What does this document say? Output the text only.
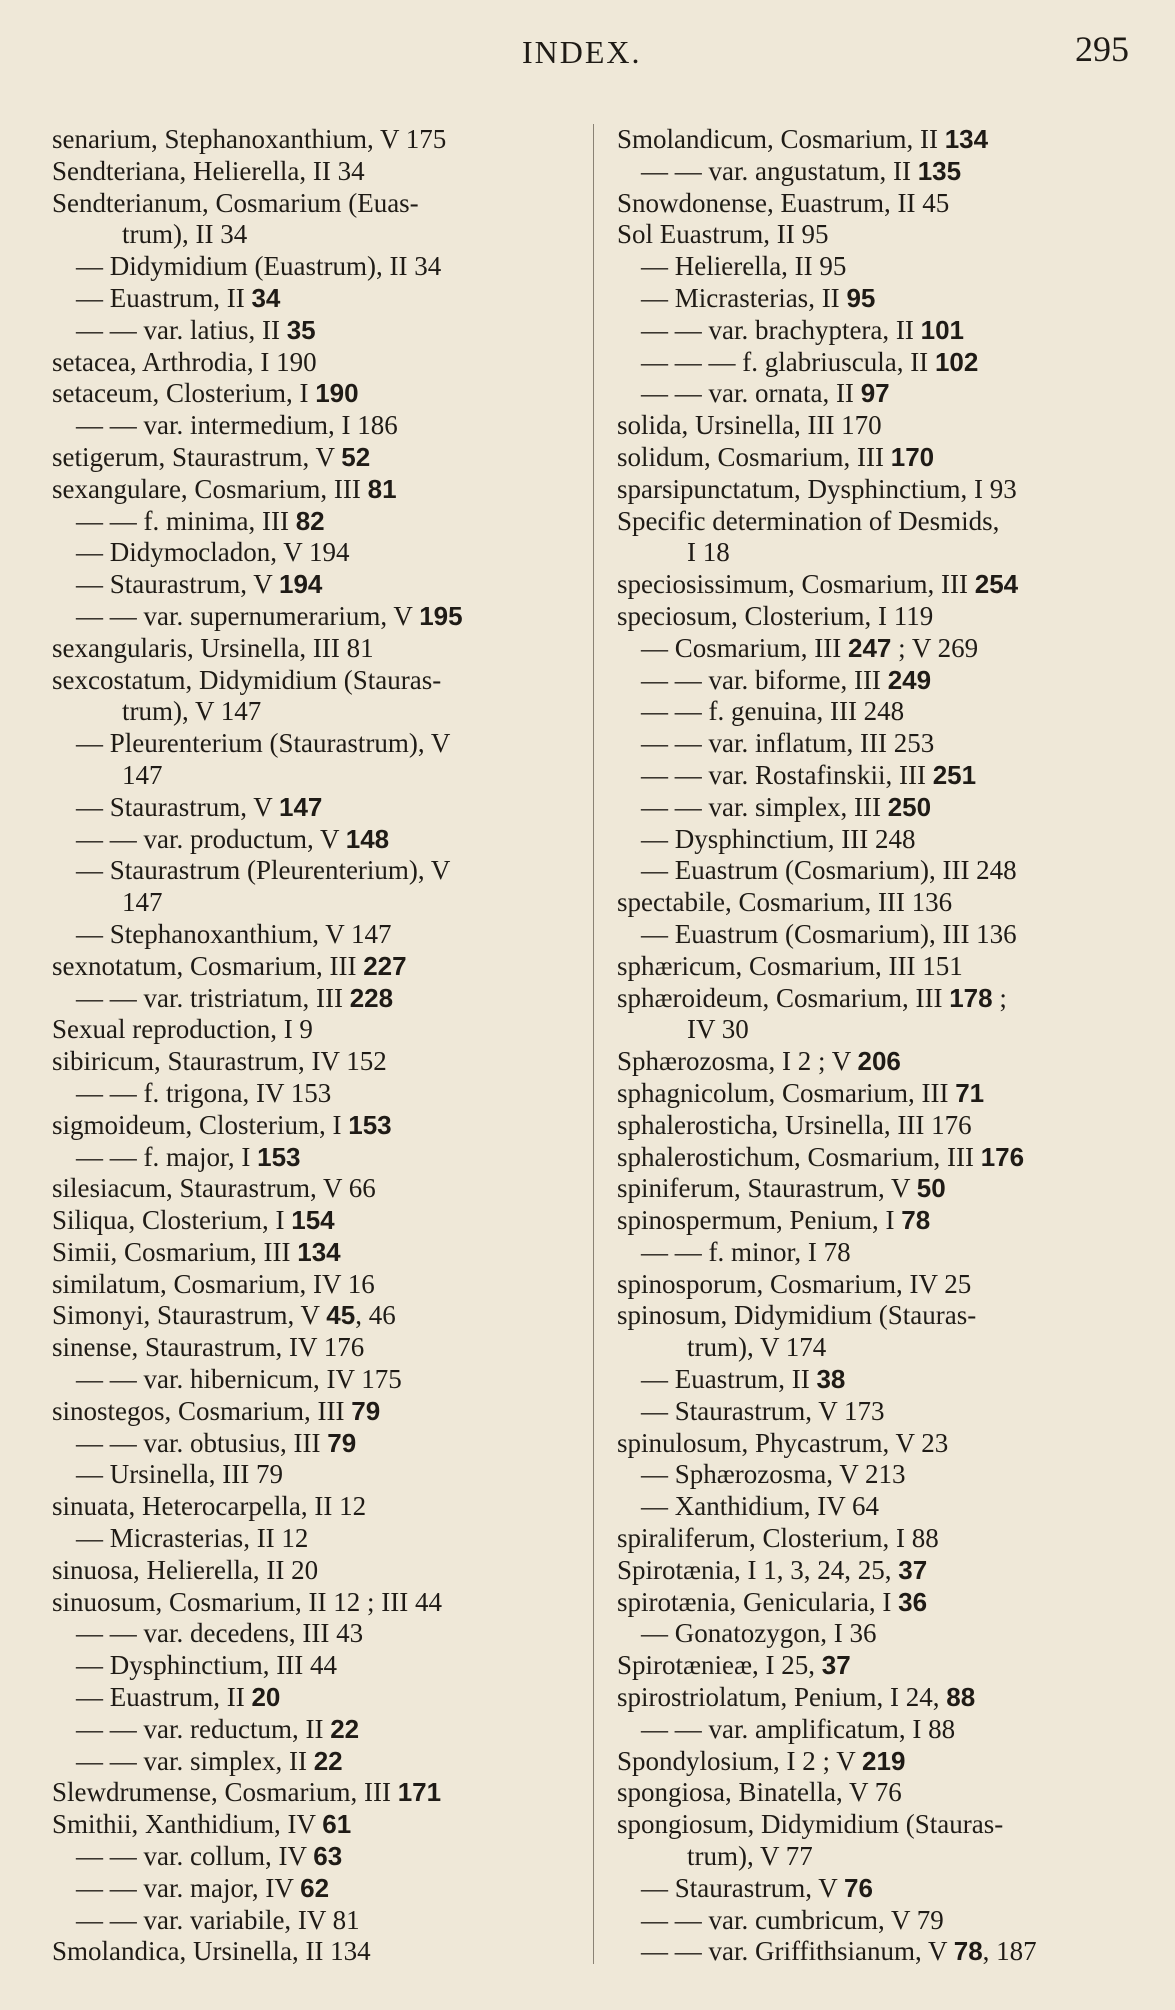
INDEX.	295
senarium, Stephanoxanthium, V 175
Sendteriana, Helierella, II 34
Sendterianum, Cosmarium (Euas-
trum), II 34
— Didymidium (Euastrum), II 34
— Euastrum, II 34
— — var. latius, II 35
setacea, Arthrodia, I 190
setaceum, Closterium, I 190
— — var. intermedium, I 186
setigerum, Staurastrum, V 52
sexangulare, Cosmarium, III 81
— — f. minima, III 82
— Didymocladon, V 194
— Staurastrum, V 194
— — var. supernumerarium, V 195
sexangularis, Ursinella, III 81
sexcostatum, Didymidium (Stauras-
trum), V 147
— Pleurenterium (Staurastrum), V
147
— Staurastrum, V 147
— — var. productum, V 148
— Staurastrum (Pleurenterium), V
147
— Stephanoxanthium, V 147
sexnotatum, Cosmarium, III 227
— — var. tristriatum, III 228
Sexual reproduction, I 9
sibiricum, Staurastrum, IV 152
— — f. trigona, IV 153
sigmoideum, Closterium, I 153
— — f. major, I 153
silesiacum, Staurastrum, V 66
Siliqua, Closterium, I 154
Simii, Cosmarium, III 134
similatum, Cosmarium, IV 16
Simonyi, Staurastrum, V 45, 46
sinense, Staurastrum, IV 176
— — var. hibernicum, IV 175
sinostegos, Cosmarium, III 79
— — var. obtusius, III 79
— Ursinella, III 79
sinuata, Heterocarpella, II 12
— Micrasterias, II 12
sinuosa, Helierella, II 20
sinuosum, Cosmarium, II 12 ; III 44
— — var. decedens, III 43
— Dysphinctium, III 44
— Euastrum, II 20
— — var. reductum, II 22
— — var. simplex, II 22
Slewdrumense, Cosmarium, III 171
Smithii, Xanthidium, IV 61
— — var. collum, IV 63
— — var. major, IV 62
— — var. variabile, IV 81
Smolandica, Ursinella, II 134
Smolandicum, Cosmarium, II 134
— — var. angustatum, II 135
Snowdonense, Euastrum, II 45
Sol Euastrum, II 95
— Helierella, II 95
— Micrasterias, II 95
— — var. brachyptera, II 101
— — — f. glabriuscula, II 102
— — var. ornata, II 97
solida, Ursinella, III 170
solidum, Cosmarium, III 170
sparsipunctatum, Dysphinctium, I 93
Specific determination of Desmids,
I 18
speciosissimum, Cosmarium, III 254
speciosum, Closterium, I 119
— Cosmarium, III 247 ; V 269
— — var. biforme, III 249
— — f. genuina, III 248
— — var. inflatum, III 253
— — var. Rostafinskii, III 251
— — var. simplex, III 250
— Dysphinctium, III 248
— Euastrum (Cosmarium), III 248
spectabile, Cosmarium, III 136
— Euastrum (Cosmarium), III 136
sphæricum, Cosmarium, III 151
sphæroideum, Cosmarium, III 178 ;
IV 30
Sphærozosma, I 2 ; V 206
sphagnicolum, Cosmarium, III 71
sphalerosticha, Ursinella, III 176
sphalerostichum, Cosmarium, III 176
spiniferum, Staurastrum, V 50
spinospermum, Penium, I 78
— — f. minor, I 78
spinosporum, Cosmarium, IV 25
spinosum, Didymidium (Stauras-
trum), V 174
— Euastrum, II 38
— Staurastrum, V 173
spinulosum, Phycastrum, V 23
— Sphærozosma, V 213
— Xanthidium, IV 64
spiraliferum, Closterium, I 88
Spirotænia, I 1, 3, 24, 25, 37
spirotænia, Genicularia, I 36
— Gonatozygon, I 36
Spirotænieæ, I 25, 37
spirostriolatum, Penium, I 24, 88
— — var. amplificatum, I 88
Spondylosium, I 2 ; V 219
spongiosa, Binatella, V 76
spongiosum, Didymidium (Stauras-
trum), V 77
— Staurastrum, V 76
— — var. cumbricum, V 79
— — var. Griffithsianum, V 78, 187
